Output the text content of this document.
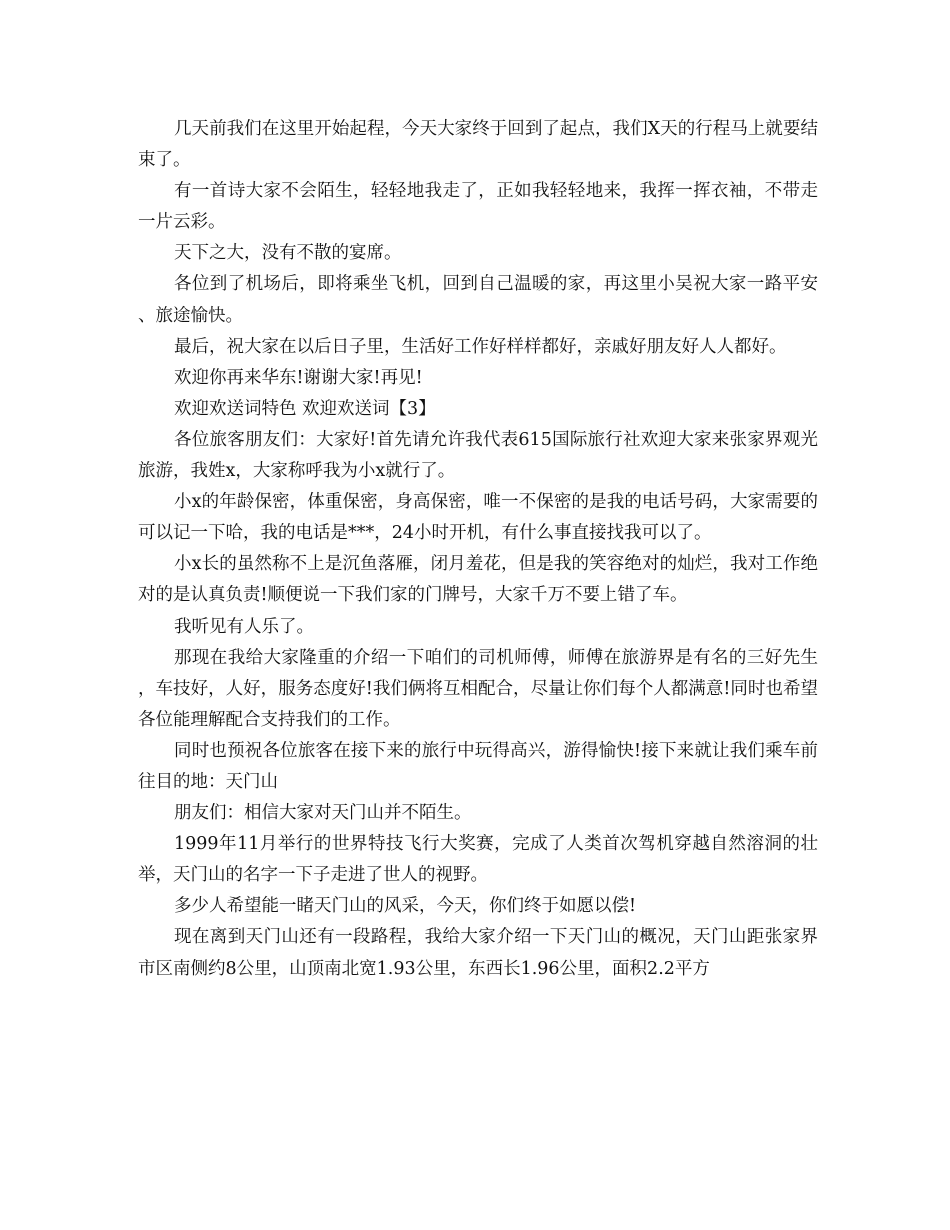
几天前我们在这里开始起程，今天大家终于回到了起点，我们X天的行程马上就要结束了。

有一首诗大家不会陌生，轻轻地我走了，正如我轻轻地来，我挥一挥衣袖，不带走一片云彩。

天下之大，没有不散的宴席。

各位到了机场后，即将乘坐飞机，回到自己温暖的家，再这里小吴祝大家一路平安、旅途愉快。

最后，祝大家在以后日子里，生活好工作好样样都好，亲戚好朋友好人人都好。

欢迎你再来华东!谢谢大家!再见!

欢迎欢送词特色 欢迎欢送词【3】

各位旅客朋友们：大家好!首先请允许我代表615国际旅行社欢迎大家来张家界观光旅游，我姓x，大家称呼我为小x就行了。

小x的年龄保密，体重保密，身高保密，唯一不保密的是我的电话号码，大家需要的可以记一下哈，我的电话是***，24小时开机，有什么事直接找我可以了。

小x长的虽然称不上是沉鱼落雁，闭月羞花，但是我的笑容绝对的灿烂，我对工作绝对的是认真负责!顺便说一下我们家的门牌号，大家千万不要上错了车。

我听见有人乐了。

那现在我给大家隆重的介绍一下咱们的司机师傅，师傅在旅游界是有名的三好先生，车技好，人好，服务态度好!我们俩将互相配合，尽量让你们每个人都满意!同时也希望各位能理解配合支持我们的工作。

同时也预祝各位旅客在接下来的旅行中玩得高兴，游得愉快!接下来就让我们乘车前往目的地：天门山

朋友们：相信大家对天门山并不陌生。

1999年11月举行的世界特技飞行大奖赛，完成了人类首次驾机穿越自然溶洞的壮举，天门山的名字一下子走进了世人的视野。

多少人希望能一睹天门山的风采，今天，你们终于如愿以偿!

现在离到天门山还有一段路程，我给大家介绍一下天门山的概况，天门山距张家界市区南侧约8公里，山顶南北宽1.93公里，东西长1.96公里，面积2.2平方
